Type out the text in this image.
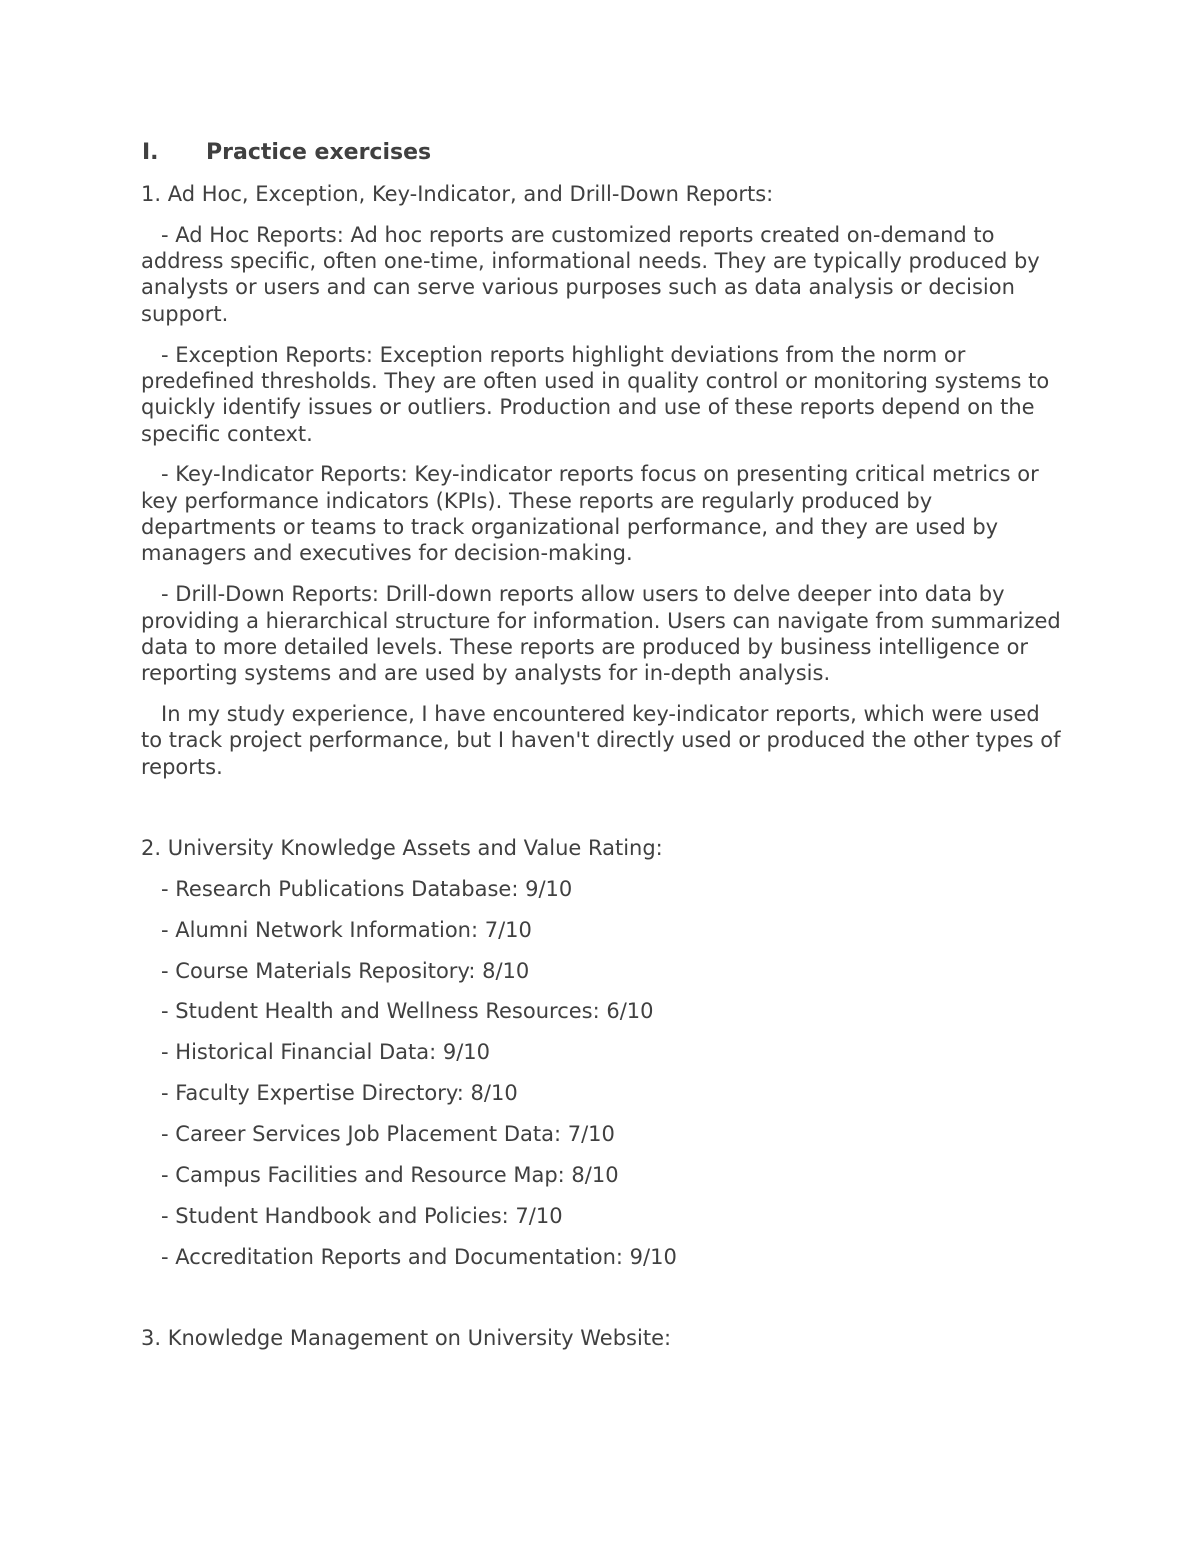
I. Practice exercises

1. Ad Hoc, Exception, Key-Indicator, and Drill-Down Reports:

- Ad Hoc Reports: Ad hoc reports are customized reports created on-demand to address specific, often one-time, informational needs. They are typically produced by analysts or users and can serve various purposes such as data analysis or decision support.

- Exception Reports: Exception reports highlight deviations from the norm or predefined thresholds. They are often used in quality control or monitoring systems to quickly identify issues or outliers. Production and use of these reports depend on the specific context.

- Key-Indicator Reports: Key-indicator reports focus on presenting critical metrics or key performance indicators (KPIs). These reports are regularly produced by departments or teams to track organizational performance, and they are used by managers and executives for decision-making.

- Drill-Down Reports: Drill-down reports allow users to delve deeper into data by providing a hierarchical structure for information. Users can navigate from summarized data to more detailed levels. These reports are produced by business intelligence or reporting systems and are used by analysts for in-depth analysis.

In my study experience, I have encountered key-indicator reports, which were used to track project performance, but I haven't directly used or produced the other types of reports.

2. University Knowledge Assets and Value Rating:

- Research Publications Database: 9/10

- Alumni Network Information: 7/10

- Course Materials Repository: 8/10

- Student Health and Wellness Resources: 6/10

- Historical Financial Data: 9/10

- Faculty Expertise Directory: 8/10

- Career Services Job Placement Data: 7/10

- Campus Facilities and Resource Map: 8/10

- Student Handbook and Policies: 7/10

- Accreditation Reports and Documentation: 9/10

3. Knowledge Management on University Website:
